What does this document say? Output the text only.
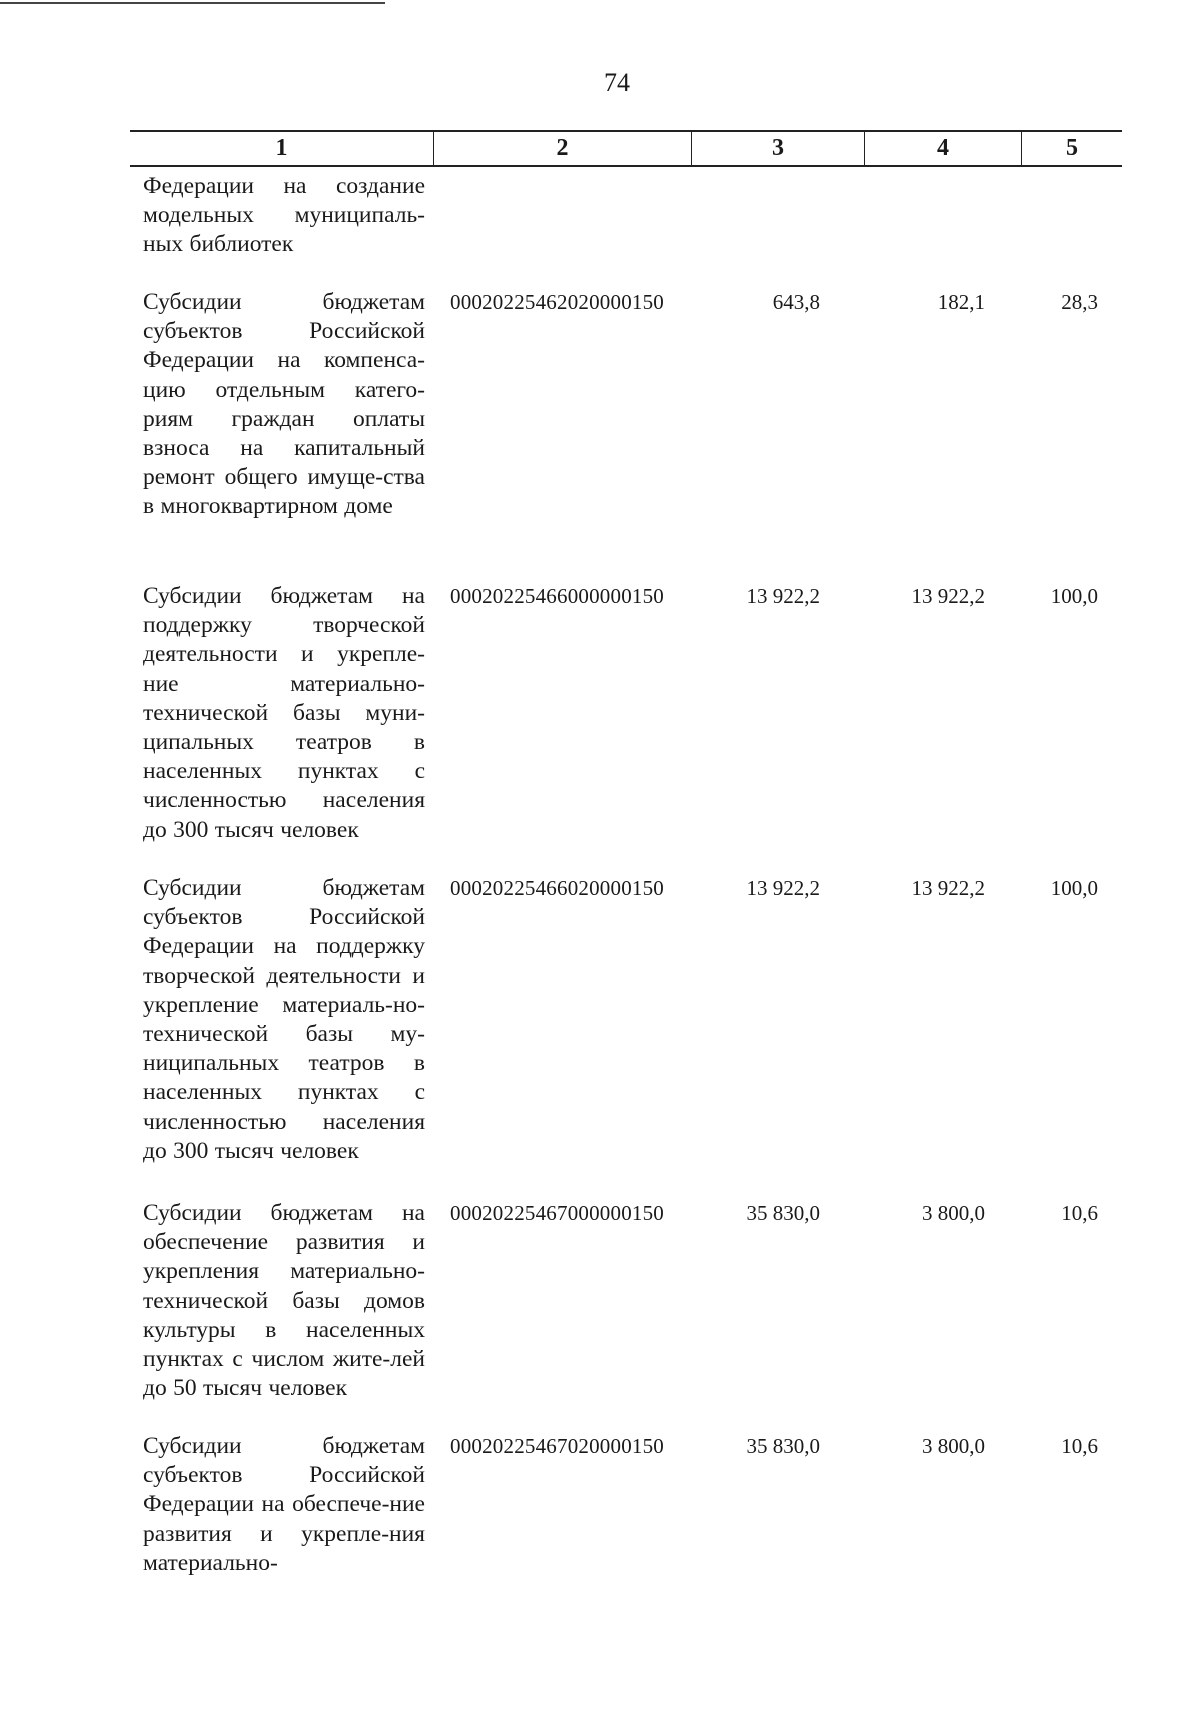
74
1	2	3	4	5
Федерации на создание модельных муниципаль-ных библиотек
Субсидии бюджетам субъектов Российской Федерации на компенса-цию отдельным катего-риям граждан оплаты взноса на капитальный ремонт общего имуще-ства в многоквартирном доме
00020225462020000150	643,8	182,1	28,3
Субсидии бюджетам на поддержку творческой деятельности и укрепле-ние материально-технической базы муни-ципальных театров в населенных пунктах с численностью населения до 300 тысяч человек
00020225466000000150	13 922,2	13 922,2	100,0
Субсидии бюджетам субъектов Российской Федерации на поддержку творческой деятельности и укрепление материаль-но-технической базы му-ниципальных театров в населенных пунктах с численностью населения до 300 тысяч человек
00020225466020000150	13 922,2	13 922,2	100,0
Субсидии бюджетам на обеспечение развития и укрепления материально-технической базы домов культуры в населенных пунктах с числом жите-лей до 50 тысяч человек
00020225467000000150	35 830,0	3 800,0	10,6
Субсидии бюджетам субъектов Российской Федерации на обеспече-ние развития и укрепле-ния материально-
00020225467020000150	35 830,0	3 800,0	10,6
